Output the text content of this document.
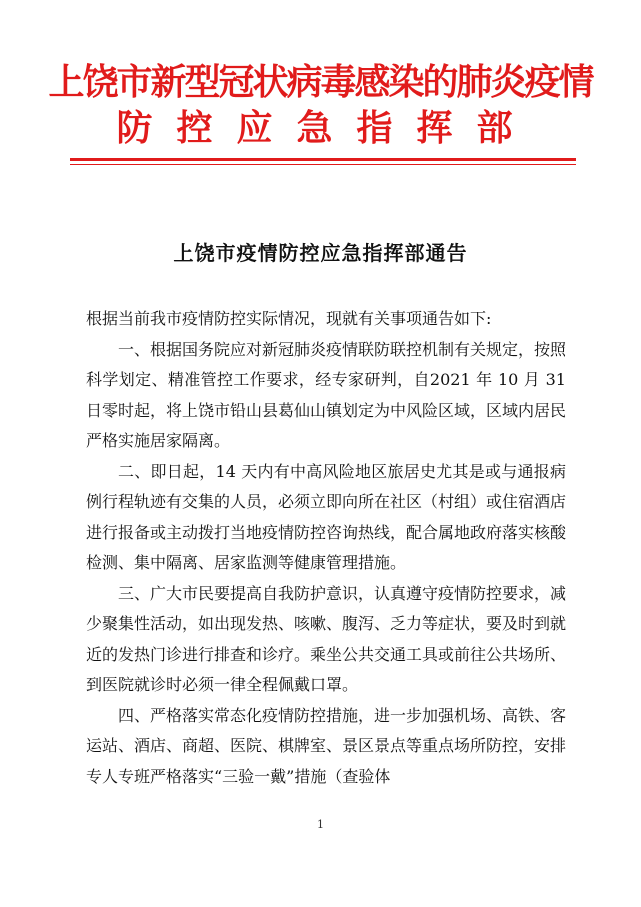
上饶市新型冠状病毒感染的肺炎疫情
防控应急指挥部
上饶市疫情防控应急指挥部通告

根据当前我市疫情防控实际情况，现就有关事项通告如下:

一、根据国务院应对新冠肺炎疫情联防联控机制有关规定，按照科学划定、精准管控工作要求，经专家研判，自2021 年 10 月 31 日零时起，将上饶市铅山县葛仙山镇划定为中风险区域，区域内居民严格实施居家隔离。

二、即日起，14 天内有中高风险地区旅居史尤其是或与通报病例行程轨迹有交集的人员，必须立即向所在社区（村组）或住宿酒店进行报备或主动拨打当地疫情防控咨询热线，配合属地政府落实核酸检测、集中隔离、居家监测等健康管理措施。

三、广大市民要提高自我防护意识，认真遵守疫情防控要求，减少聚集性活动，如出现发热、咳嗽、腹泻、乏力等症状，要及时到就近的发热门诊进行排查和诊疗。乘坐公共交通工具或前往公共场所、到医院就诊时必须一律全程佩戴口罩。

四、严格落实常态化疫情防控措施，进一步加强机场、高铁、客运站、酒店、商超、医院、棋牌室、景区景点等重点场所防控，安排专人专班严格落实“三验一戴”措施（查验体

1
